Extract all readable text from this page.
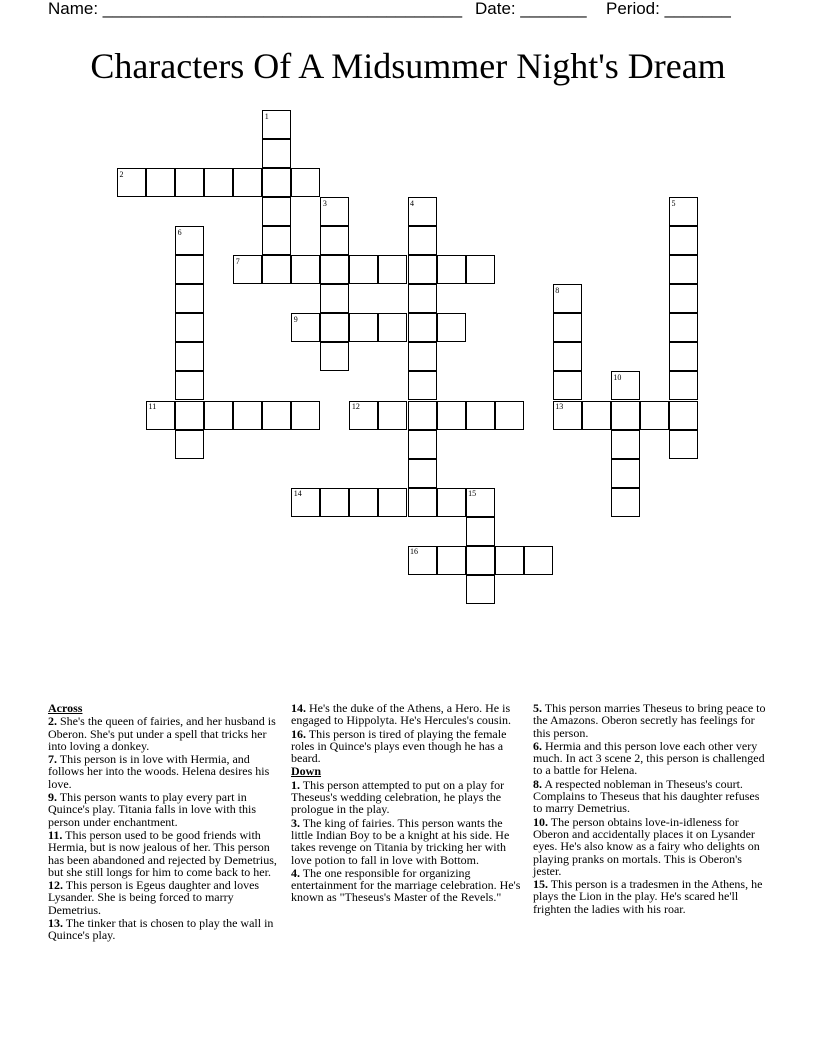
Name: ______________________________________ Date: _______ Period: _______
Characters Of A Midsummer Night's Dream
1
2
3	4	5
6
7
8
9
10
11	12	13
14	15
16
Across
2. She's the queen of fairies, and her husband is Oberon. She's put under a spell that tricks her into loving a donkey.
7. This person is in love with Hermia, and follows her into the woods. Helena desires his love.
9. This person wants to play every part in Quince's play. Titania falls in love with this person under enchantment.
11. This person used to be good friends with Hermia, but is now jealous of her. This person has been abandoned and rejected by Demetrius, but she still longs for him to come back to her.
12. This person is Egeus daughter and loves Lysander. She is being forced to marry Demetrius.
13. The tinker that is chosen to play the wall in Quince's play.
14. He's the duke of the Athens, a Hero. He is engaged to Hippolyta. He's Hercules's cousin.
16. This person is tired of playing the female roles in Quince's plays even though he has a beard.
Down
1. This person attempted to put on a play for Theseus's wedding celebration, he plays the prologue in the play.
3. The king of fairies. This person wants the little Indian Boy to be a knight at his side. He takes revenge on Titania by tricking her with love potion to fall in love with Bottom.
4. The one responsible for organizing entertainment for the marriage celebration. He's known as "Theseus's Master of the Revels."
5. This person marries Theseus to bring peace to the Amazons. Oberon secretly has feelings for this person.
6. Hermia and this person love each other very much. In act 3 scene 2, this person is challenged to a battle for Helena.
8. A respected nobleman in Theseus's court. Complains to Theseus that his daughter refuses to marry Demetrius.
10. The person obtains love-in-idleness for Oberon and accidentally places it on Lysander eyes. He's also know as a fairy who delights on playing pranks on mortals. This is Oberon's jester.
15. This person is a tradesmen in the Athens, he plays the Lion in the play. He's scared he'll frighten the ladies with his roar.
